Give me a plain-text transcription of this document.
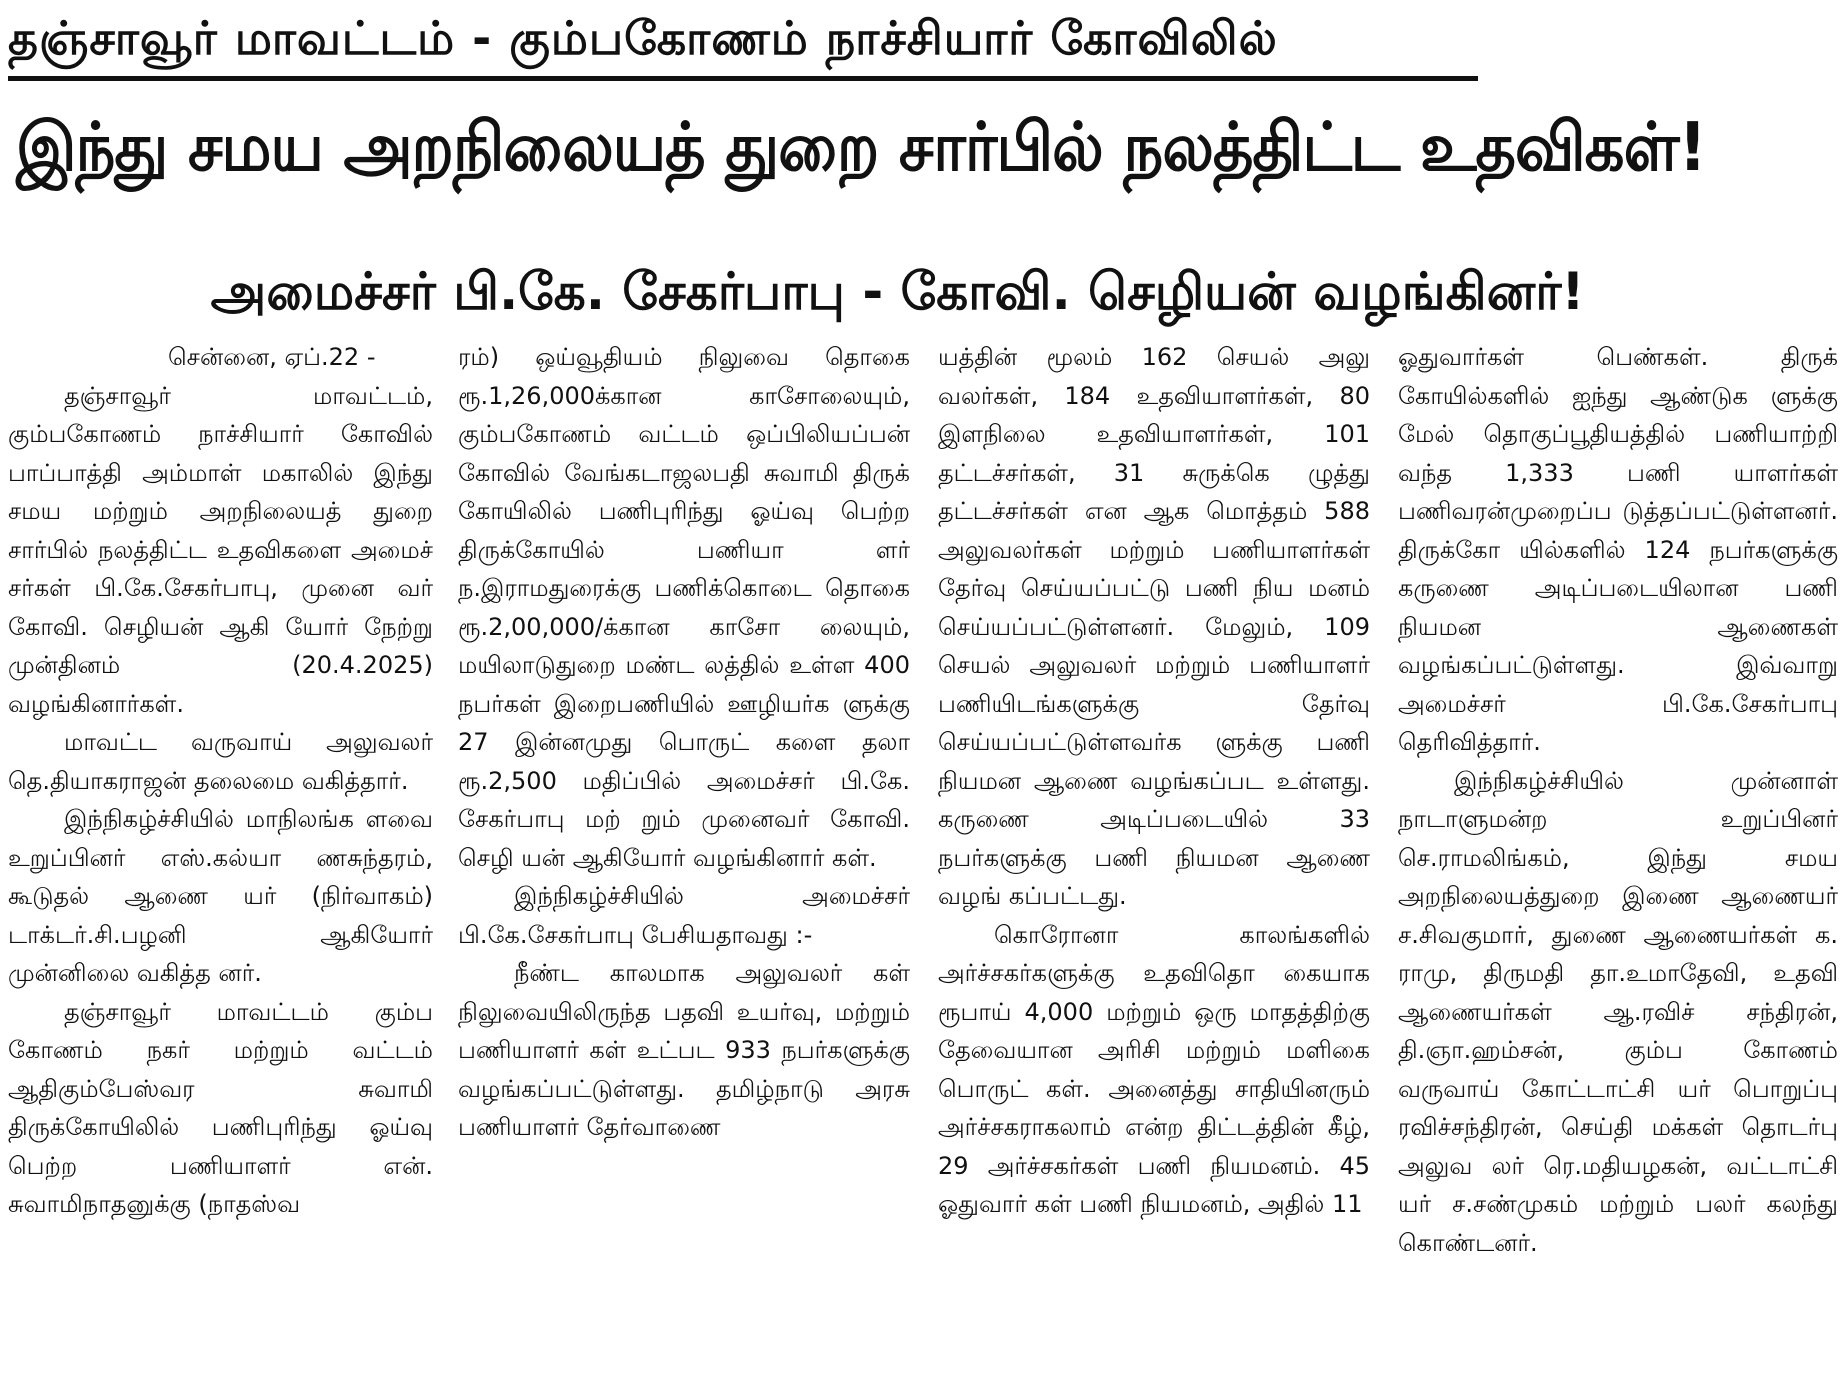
தஞ்சாவூர் மாவட்டம் - கும்பகோணம் நாச்சியார் கோவிலில்
இந்து சமய அறநிலையத் துறை சார்பில் நலத்திட்ட உதவிகள்!
அமைச்சர் பி.கே. சேகர்பாபு - கோவி. செழியன் வழங்கினர்!

சென்னை, ஏப்.22 -

தஞ்சாவூர் மாவட்டம், கும்பகோணம் நாச்சியார் கோவில் பாப்பாத்தி அம்மாள் மகாலில் இந்து சமய மற்றும் அறநிலையத் துறை சார்பில் நலத்திட்ட உதவிகளை அமைச் சர்கள் பி.கே.சேகர்பாபு, முனை வர் கோவி. செழியன் ஆகி யோர் நேற்று முன்தினம் (20.4.2025) வழங்கினார்கள்.

மாவட்ட வருவாய் அலுவலர் தெ.தியாகராஜன் தலைமை வகித்தார்.

இந்நிகழ்ச்சியில் மாநிலங்க ளவை உறுப்பினர் எஸ்.கல்யா ணசுந்தரம், கூடுதல் ஆணை யர் (நிர்வாகம்) டாக்டர்.சி.பழனி ஆகியோர் முன்னிலை வகித்த னர்.

தஞ்சாவூர் மாவட்டம் கும்ப கோணம் நகர் மற்றும் வட்டம் ஆதிகும்பேஸ்வர சுவாமி திருக்கோயிலில் பணிபுரிந்து ஓய்வு பெற்ற பணியாளர் என். சுவாமிநாதனுக்கு (நாதஸ்வ

ரம்) ஒய்வூதியம் நிலுவை தொகை ரூ.1,26,000க்கான காசோலையும், கும்பகோணம் வட்டம் ஒப்பிலியப்பன் கோவில் வேங்கடாஜலபதி சுவாமி திருக் கோயிலில் பணிபுரிந்து ஓய்வு பெற்ற திருக்கோயில் பணியா ளர் ந.இராமதுரைக்கு பணிக்கொடை தொகை ரூ.2,00,000/க்கான காசோ லையும், மயிலாடுதுறை மண்ட லத்தில் உள்ள 400 நபர்கள் இறைபணியில் ஊழியர்க ளுக்கு 27 இன்னமுது பொருட் களை தலா ரூ.2,500 மதிப்பில் அமைச்சர் பி.கே. சேகர்பாபு மற் றும் முனைவர் கோவி. செழி யன் ஆகியோர் வழங்கினார் கள்.

இந்நிகழ்ச்சியில் அமைச்சர் பி.கே.சேகர்பாபு பேசியதாவது :-

நீண்ட காலமாக அலுவலர் கள் நிலுவையிலிருந்த பதவி உயர்வு, மற்றும் பணியாளர் கள் உட்பட 933 நபர்களுக்கு வழங்கப்பட்டுள்ளது. தமிழ்நாடு அரசு பணியாளர் தேர்வாணை

யத்தின் மூலம் 162 செயல் அலு வலர்கள், 184 உதவியாளர்கள், 80 இளநிலை உதவியாளர்கள், 101 தட்டச்சர்கள், 31 சுருக்கெ ழுத்து தட்டச்சர்கள் என ஆக மொத்தம் 588 அலுவலர்கள் மற்றும் பணியாளர்கள் தேர்வு செய்யப்பட்டு பணி நிய மனம் செய்யப்பட்டுள்ளனர். மேலும், 109 செயல் அலுவலர் மற்றும் பணியாளர் பணியிடங்களுக்கு தேர்வு செய்யப்பட்டுள்ளவர்க ளுக்கு பணி நியமன ஆணை வழங்கப்பட உள்ளது. கருணை அடிப்படையில் 33 நபர்களுக்கு பணி நியமன ஆணை வழங் கப்பட்டது.

கொரோனா காலங்களில் அர்ச்சகர்களுக்கு உதவிதொ கையாக ரூபாய் 4,000 மற்றும் ஒரு மாதத்திற்கு தேவையான அரிசி மற்றும் மளிகை பொருட் கள். அனைத்து சாதியினரும் அர்ச்சகராகலாம் என்ற திட்டத்தின் கீழ், 29 அர்ச்சகர்கள் பணி நியமனம். 45 ஓதுவார் கள் பணி நியமனம், அதில் 11

ஓதுவார்கள் பெண்கள். திருக் கோயில்களில் ஐந்து ஆண்டுக ளுக்கு மேல் தொகுப்பூதியத்தில் பணியாற்றி வந்த 1,333 பணி யாளர்கள் பணிவரன்முறைப்ப டுத்தப்பட்டுள்ளனர். திருக்கோ யில்களில் 124 நபர்களுக்கு கருணை அடிப்படையிலான பணி நியமன ஆணைகள் வழங்கப்பட்டுள்ளது. இவ்வாறு அமைச்சர் பி.கே.சேகர்பாபு தெரிவித்தார்.

இந்நிகழ்ச்சியில் முன்னாள் நாடாளுமன்ற உறுப்பினர் செ.ராமலிங்கம், இந்து சமய அறநிலையத்துறை இணை ஆணையர் ச.சிவகுமார், துணை ஆணையர்கள் க. ராமு, திருமதி தா.உமாதேவி, உதவி ஆணையர்கள் ஆ.ரவிச் சந்திரன், தி.ஞா.ஹம்சன், கும்ப கோணம் வருவாய் கோட்டாட்சி யர் பொறுப்பு ரவிச்சந்திரன், செய்தி மக்கள் தொடர்பு அலுவ லர் ரெ.மதியழகன், வட்டாட்சி யர் ச.சண்முகம் மற்றும் பலர் கலந்து கொண்டனர்.
